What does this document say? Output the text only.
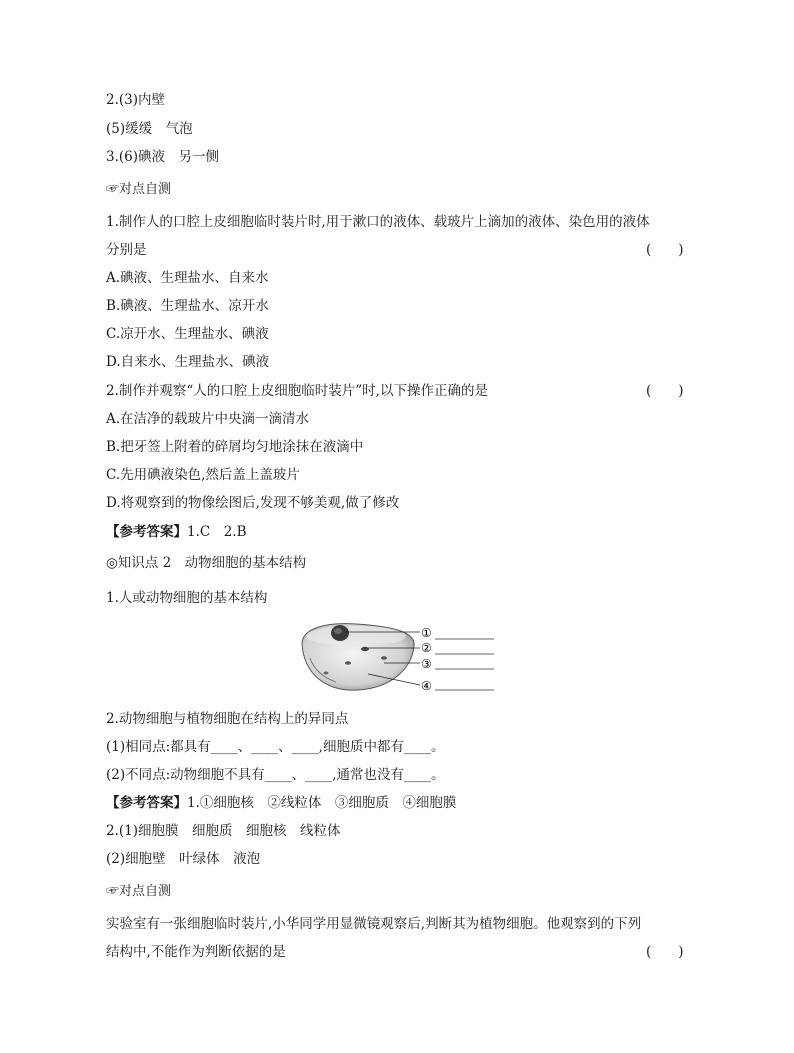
2.(3)内壁
(5)缓缓　气泡
3.(6)碘液　另一侧
☞对点自测
1.制作人的口腔上皮细胞临时装片时,用于漱口的液体、载玻片上滴加的液体、染色用的液体
分别是	(　　)
A.碘液、生理盐水、自来水
B.碘液、生理盐水、凉开水
C.凉开水、生理盐水、碘液
D.自来水、生理盐水、碘液
2.制作并观察“人的口腔上皮细胞临时装片”时,以下操作正确的是	(　　)
A.在洁净的载玻片中央滴一滴清水
B.把牙签上附着的碎屑均匀地涂抹在液滴中
C.先用碘液染色,然后盖上盖玻片
D.将观察到的物像绘图后,发现不够美观,做了修改
【参考答案】1.C　2.B
◎知识点 2　动物细胞的基本结构
1.人或动物细胞的基本结构
①
②
③
④
2.动物细胞与植物细胞在结构上的异同点
(1)相同点:都具有____、____、____,细胞质中都有____。
(2)不同点:动物细胞不具有____、____,通常也没有____。
【参考答案】1.①细胞核　②线粒体　③细胞质　④细胞膜
2.(1)细胞膜　细胞质　细胞核　线粒体
(2)细胞壁　叶绿体　液泡
☞对点自测
实验室有一张细胞临时装片,小华同学用显微镜观察后,判断其为植物细胞。他观察到的下列
结构中,不能作为判断依据的是	(　　)
